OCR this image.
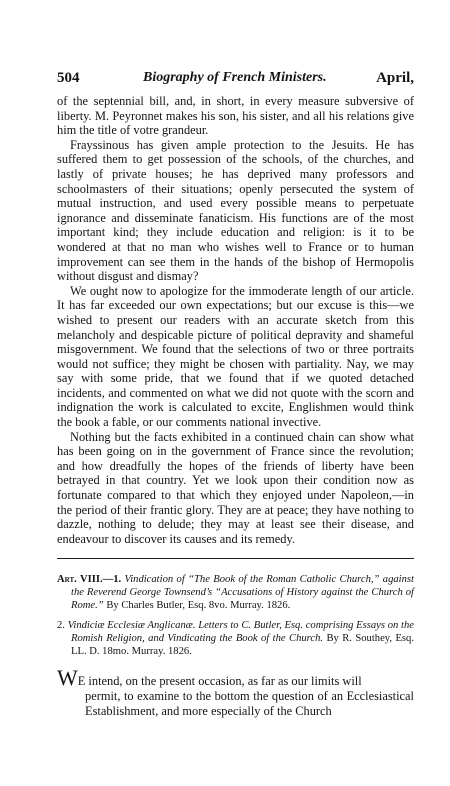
504	Biography of French Ministers.	April,

of the septennial bill, and, in short, in every measure subversive of liberty. M. Peyronnet makes his son, his sister, and all his relations give him the title of votre grandeur.

Frayssinous has given ample protection to the Jesuits. He has suffered them to get possession of the schools, of the churches, and lastly of private houses; he has deprived many professors and schoolmasters of their situations; openly persecuted the system of mutual instruction, and used every possible means to perpetuate ignorance and disseminate fanaticism. His functions are of the most important kind; they include education and religion: is it to be wondered at that no man who wishes well to France or to human improvement can see them in the hands of the bishop of Hermopolis without disgust and dismay?

We ought now to apologize for the immoderate length of our article. It has far exceeded our own expectations; but our excuse is this—we wished to present our readers with an accurate sketch from this melancholy and despicable picture of political depravity and shameful misgovernment. We found that the selections of two or three portraits would not suffice; they might be chosen with partiality. Nay, we may say with some pride, that we found that if we quoted detached incidents, and commented on what we did not quote with the scorn and indignation the work is calculated to excite, Englishmen would think the book a fable, or our comments national invective.

Nothing but the facts exhibited in a continued chain can show what has been going on in the government of France since the revolution; and how dreadfully the hopes of the friends of liberty have been betrayed in that country. Yet we look upon their condition now as fortunate compared to that which they enjoyed under Napoleon,—in the period of their frantic glory. They are at peace; they have nothing to dazzle, nothing to delude; they may at least see their disease, and endeavour to discover its causes and its remedy.

Art. VIII.—1. Vindication of “The Book of the Roman Catholic Church,” against the Reverend George Townsend’s “Accusations of History against the Church of Rome.” By Charles Butler, Esq. 8vo. Murray. 1826.

2. Vindiciæ Ecclesiæ Anglicanæ. Letters to C. Butler, Esq. comprising Essays on the Romish Religion, and Vindicating the Book of the Church. By R. Southey, Esq. LL. D. 18mo. Murray. 1826.

WE intend, on the present occasion, as far as our limits will
permit, to examine to the bottom the question of an Ecclesiastical Establishment, and more especially of the Church
